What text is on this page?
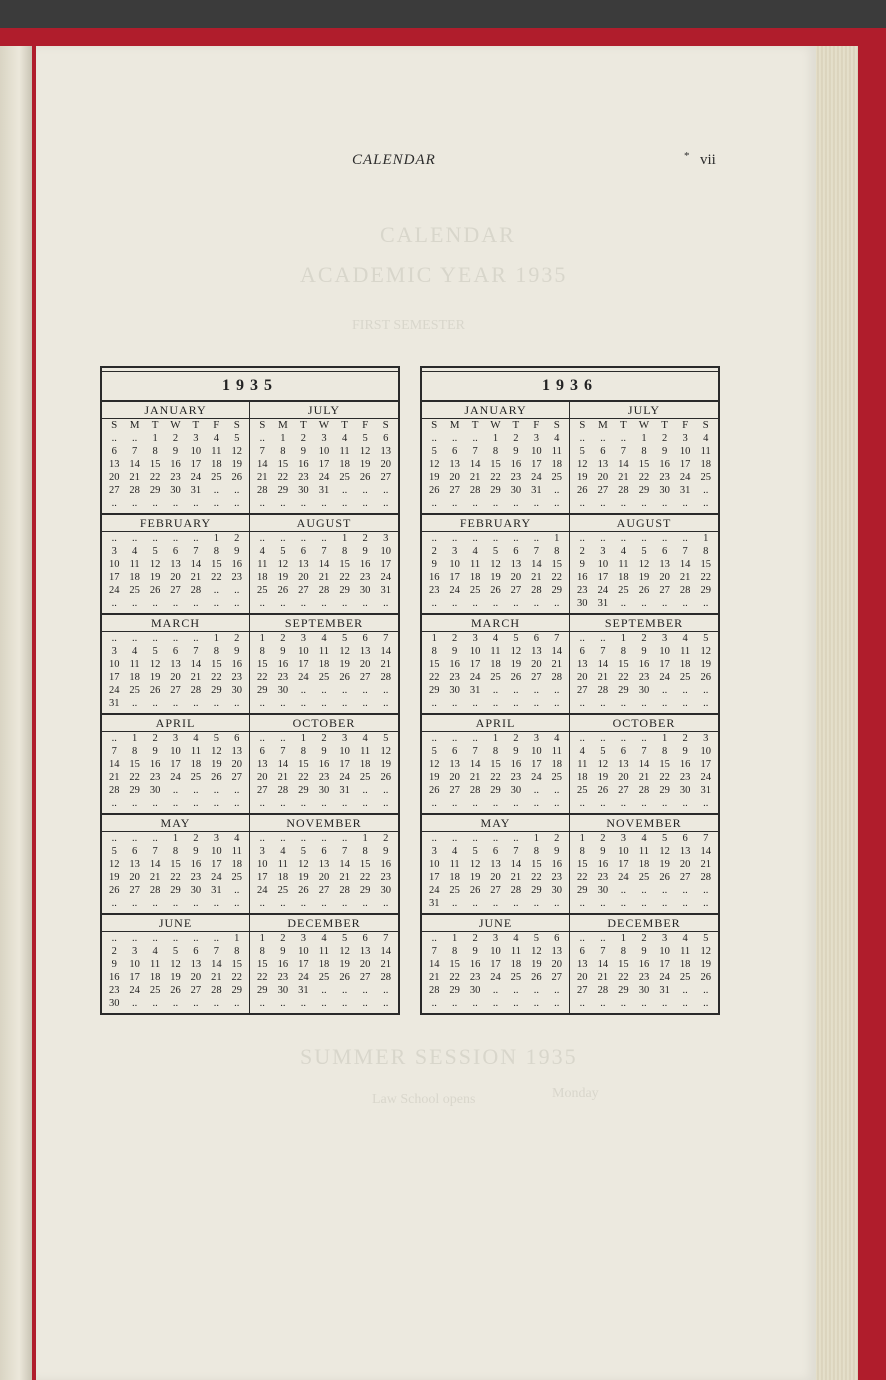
CALENDAR	* vii
1935
JANUARY
S	M	T	W	T	F	S
..	..	1	2	3	4	5
6	7	8	9	10 11 12
13 14 15 16 17 18 19
20 21 22 23 24 25 26
27 28 29 30 31	..	..
..	..	..	..	..	..	..
JULY
S	M	T	W	T	F	S
..	1	2	3	4	5	6
7	8	9	10 11 12 13
14 15 16 17 18 19 20
21 22 23 24 25 26 27
28 29 30 31	..	..	..
..	..	..	..	..	..	..
FEBRUARY
..	..	..	..	..	1	2
3	4	5	6	7	8	9
10 11 12 13 14 15 16
17 18 19 20 21 22 23
24 25 26 27 28	..	..
..	..	..	..	..	..	..
AUGUST
..	..	..	..	1	2	3
4	5	6	7	8	9	10
11 12 13 14 15 16 17
18 19 20 21 22 23 24
25 26 27 28 29 30 31
..	..	..	..	..	..	..
MARCH
..	..	..	..	..	1	2
3	4	5	6	7	8	9
10 11 12 13 14 15 16
17 18 19 20 21 22 23
24 25 26 27 28 29 30
31	..	..	..	..	..	..
SEPTEMBER
1	2	3	4	5	6	7
8	9	10 11 12 13 14
15 16 17 18 19 20 21
22 23 24 25 26 27 28
29 30	..	..	..	..	..
..	..	..	..	..	..	..
APRIL
..	1	2	3	4	5	6
7	8	9	10 11 12 13
14 15 16 17 18 19 20
21 22 23 24 25 26 27
28 29 30	..	..	..	..
..	..	..	..	..	..	..
OCTOBER
..	..	1	2	3	4	5
6	7	8	9	10 11 12
13 14 15 16 17 18 19
20 21 22 23 24 25 26
27 28 29 30 31	..	..
..	..	..	..	..	..	..
MAY
..	..	..	1	2	3	4
5	6	7	8	9	10 11
12 13 14 15 16 17 18
19 20 21 22 23 24 25
26 27 28 29 30 31	..
..	..	..	..	..	..	..
NOVEMBER
..	..	..	..	..	1	2
3	4	5	6	7	8	9
10 11 12 13 14 15 16
17 18 19 20 21 22 23
24 25 26 27 28 29 30
..	..	..	..	..	..	..
JUNE
..	..	..	..	..	..	1
2	3	4	5	6	7	8
9	10 11 12 13 14 15
16 17 18 19 20 21 22
23 24 25 26 27 28 29
30	..	..	..	..	..	..
DECEMBER
1	2	3	4	5	6	7
8	9	10 11 12 13 14
15 16 17 18 19 20 21
22 23 24 25 26 27 28
29 30 31	..	..	..	..
..	..	..	..	..	..	..
1936
JANUARY
S	M	T	W	T	F	S
..	..	..	1	2	3	4
5	6	7	8	9	10 11
12 13 14 15 16 17 18
19 20 21 22 23 24 25
26 27 28 29 30 31	..
..	..	..	..	..	..	..
JULY
S	M	T	W	T	F	S
..	..	..	1	2	3	4
5	6	7	8	9	10 11
12 13 14 15 16 17 18
19 20 21 22 23 24 25
26 27 28 29 30 31	..
..	..	..	..	..	..	..
FEBRUARY
..	..	..	..	..	..	1
2	3	4	5	6	7	8
9	10 11 12 13 14 15
16 17 18 19 20 21 22
23 24 25 26 27 28 29
..	..	..	..	..	..	..
AUGUST
..	..	..	..	..	..	1
2	3	4	5	6	7	8
9	10 11 12 13 14 15
16 17 18 19 20 21 22
23 24 25 26 27 28 29
30 31	..	..	..	..	..
MARCH
1	2	3	4	5	6	7
8	9	10 11 12 13 14
15 16 17 18 19 20 21
22 23 24 25 26 27 28
29 30 31	..	..	..	..
..	..	..	..	..	..	..
SEPTEMBER
..	..	1	2	3	4	5
6	7	8	9	10 11 12
13 14 15 16 17 18 19
20 21 22 23 24 25 26
27 28 29 30	..	..	..
..	..	..	..	..	..	..
APRIL
..	..	..	1	2	3	4
5	6	7	8	9	10 11
12 13 14 15 16 17 18
19 20 21 22 23 24 25
26 27 28 29 30	..	..
..	..	..	..	..	..	..
OCTOBER
..	..	..	..	1	2	3
4	5	6	7	8	9	10
11 12 13 14 15 16 17
18 19 20 21 22 23 24
25 26 27 28 29 30 31
..	..	..	..	..	..	..
MAY
..	..	..	..	..	1	2
3	4	5	6	7	8	9
10 11 12 13 14 15 16
17 18 19 20 21 22 23
24 25 26 27 28 29 30
31	..	..	..	..	..	..
NOVEMBER
1	2	3	4	5	6	7
8	9	10 11 12 13 14
15 16 17 18 19 20 21
22 23 24 25 26 27 28
29 30	..	..	..	..	..
..	..	..	..	..	..	..
JUNE
..	1	2	3	4	5	6
7	8	9	10 11 12 13
14 15 16 17 18 19 20
21 22 23 24 25 26 27
28 29 30	..	..	..	..
..	..	..	..	..	..	..
DECEMBER
..	..	1	2	3	4	5
6	7	8	9	10 11 12
13 14 15 16 17 18 19
20 21 22 23 24 25 26
27 28 29 30 31	..	..
..	..	..	..	..	..	..
